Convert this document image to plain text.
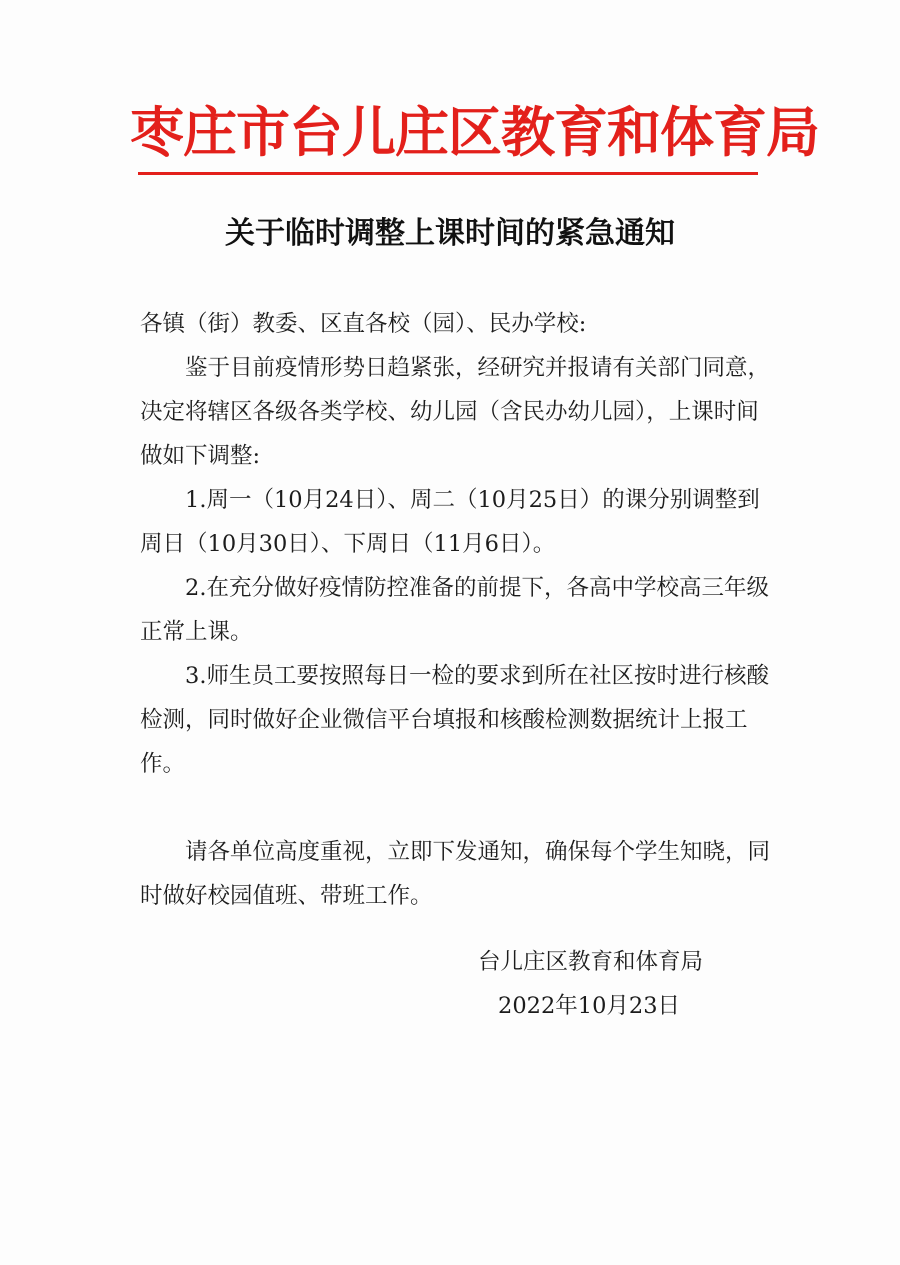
枣庄市台儿庄区教育和体育局
关于临时调整上课时间的紧急通知

各镇（街）教委、区直各校（园）、民办学校:

鉴于目前疫情形势日趋紧张，经研究并报请有关部门同意，决定将辖区各级各类学校、幼儿园（含民办幼儿园），上课时间做如下调整:

1.周一（10月24日）、周二（10月25日）的课分别调整到周日（10月30日）、下周日（11月6日）。

2.在充分做好疫情防控准备的前提下，各高中学校高三年级正常上课。

3.师生员工要按照每日一检的要求到所在社区按时进行核酸检测，同时做好企业微信平台填报和核酸检测数据统计上报工作。

请各单位高度重视，立即下发通知，确保每个学生知晓，同时做好校园值班、带班工作。

台儿庄区教育和体育局
2022年10月23日
